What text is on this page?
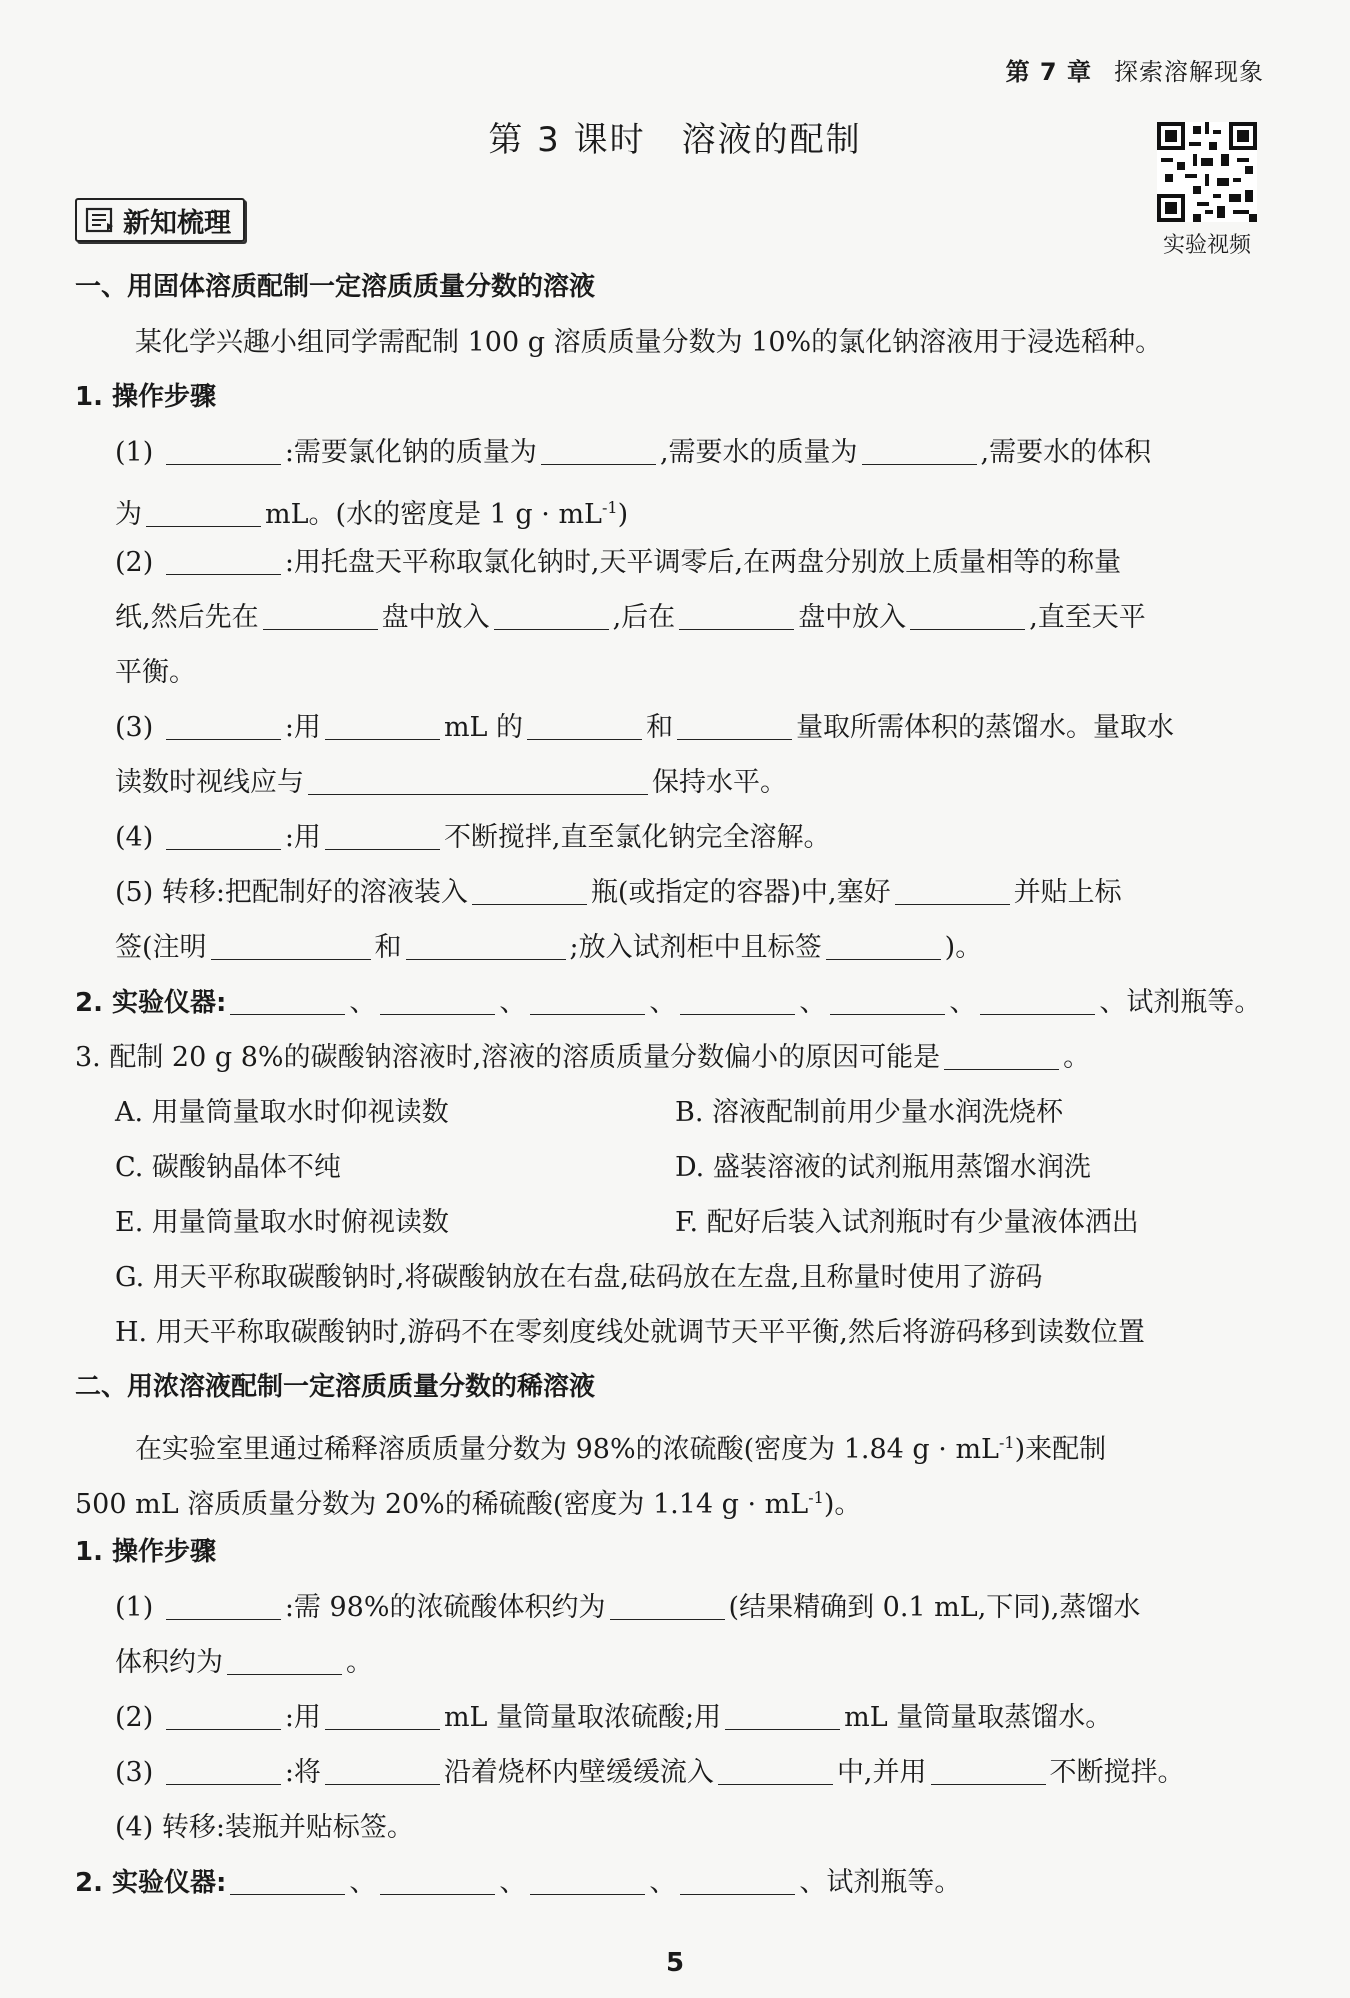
第 7 章 探索溶解现象
第 3 课时 溶液的配制
实验视频
新知梳理
一、用固体溶质配制一定溶质质量分数的溶液
某化学兴趣小组同学需配制 100 g 溶质质量分数为 10%的氯化钠溶液用于浸选稻种。
1. 操作步骤
(1)	:需要氯化钠的质量为	,需要水的质量为	,需要水的体积
为	mL。(水的密度是 1 $g \cdot mL^{-1}$)
(2)	:用托盘天平称取氯化钠时,天平调零后,在两盘分别放上质量相等的称量
纸,然后先在	盘中放入	,后在	盘中放入	,直至天平
平衡。
(3)	:用	mL 的	和	量取所需体积的蒸馏水。量取水
读数时视线应与	保持水平。
(4)	:用	不断搅拌,直至氯化钠完全溶解。
(5) 转移:把配制好的溶液装入	瓶(或指定的容器)中,塞好	并贴上标
签(注明	和	;放入试剂柜中且标签	)。
2. 实验仪器:	、	、	、	、	、	、试剂瓶等。
3. 配制 20 g 8%的碳酸钠溶液时,溶液的溶质质量分数偏小的原因可能是	。
A. 用量筒量取水时仰视读数	B. 溶液配制前用少量水润洗烧杯
C. 碳酸钠晶体不纯	D. 盛装溶液的试剂瓶用蒸馏水润洗
E. 用量筒量取水时俯视读数	F. 配好后装入试剂瓶时有少量液体洒出
G. 用天平称取碳酸钠时,将碳酸钠放在右盘,砝码放在左盘,且称量时使用了游码
H. 用天平称取碳酸钠时,游码不在零刻度线处就调节天平平衡,然后将游码移到读数位置
二、用浓溶液配制一定溶质质量分数的稀溶液
在实验室里通过稀释溶质质量分数为 98%的浓硫酸(密度为 1.84 $g \cdot mL^{-1}$)来配制
500 mL 溶质质量分数为 20%的稀硫酸(密度为 1.14 $g \cdot mL^{-1}$)。
1. 操作步骤
(1)	:需 98%的浓硫酸体积约为	(结果精确到 0.1 mL,下同),蒸馏水
体积约为	。
(2)	:用	mL 量筒量取浓硫酸;用	mL 量筒量取蒸馏水。
(3)	:将	沿着烧杯内壁缓缓流入	中,并用	不断搅拌。
(4) 转移:装瓶并贴标签。
2. 实验仪器:	、	、	、	、试剂瓶等。
5
